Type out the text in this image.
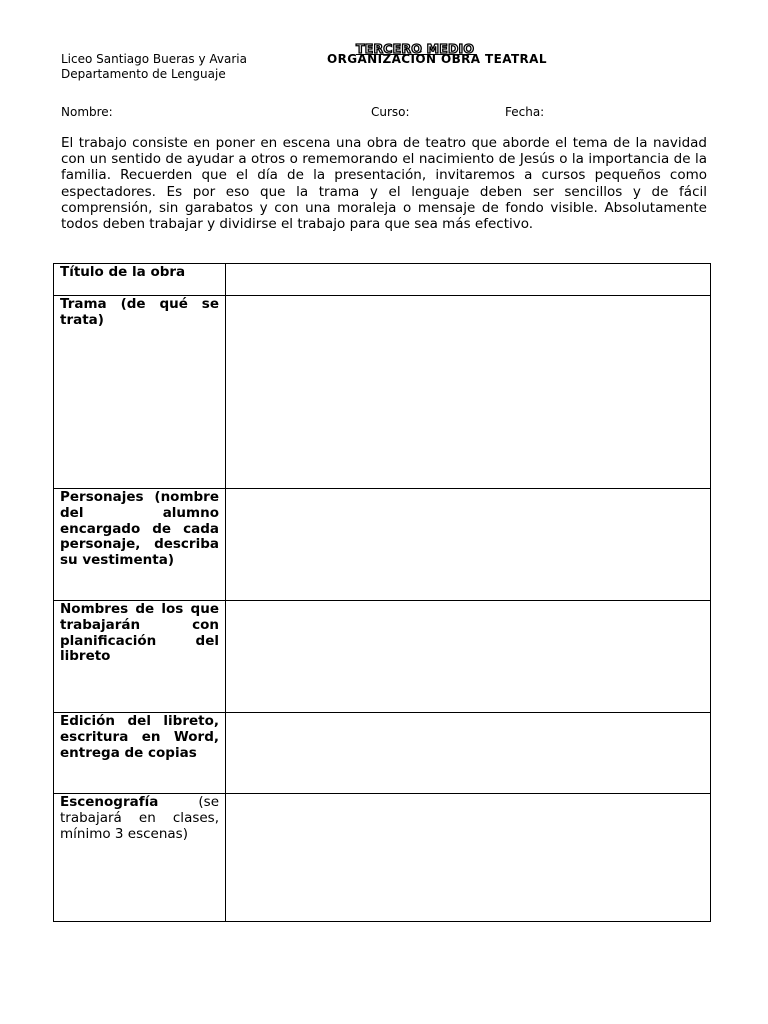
Liceo Santiago Bueras y Avaria
Departamento de Lenguaje
TERCERO MEDIO
ORGANIZACIÓN OBRA TEATRAL
Nombre:	Curso:	Fecha:

El trabajo consiste en poner en escena una obra de teatro que aborde el tema de la navidad con un sentido de ayudar a otros o rememorando el nacimiento de Jesús o la importancia de la familia. Recuerden que el día de la presentación, invitaremos a cursos pequeños como espectadores. Es por eso que la trama y el lenguaje deben ser sencillos y de fácil comprensión, sin garabatos y con una moraleja o mensaje de fondo visible. Absolutamente todos deben trabajar y dividirse el trabajo para que sea más efectivo.

Título de la obra	
Trama (de qué se trata)	
Personajes (nombre del alumno encargado de cada personaje, describa su vestimenta)	
Nombres de los que trabajarán con planificación del libreto	
Edición del libreto, escritura en Word, entrega de copias	
Escenografía (se trabajará en clases, mínimo 3 escenas)	
